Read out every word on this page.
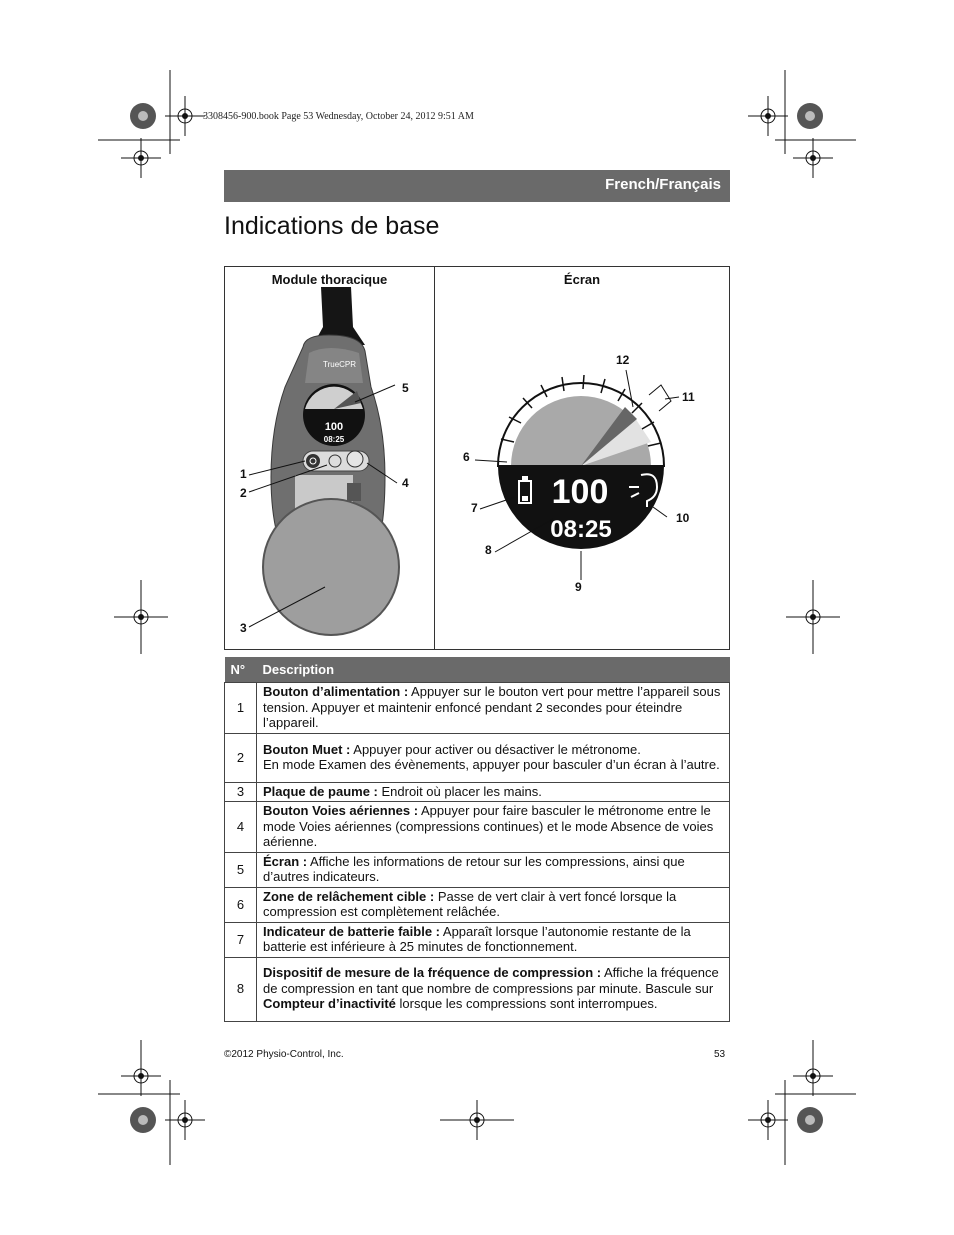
3308456-900.book Page 53 Wednesday, October 24, 2012 9:51 AM
French/Français
Indications de base
Module thoracique	Écran
TrueCPR
100
08:25
5
1
4
2
3
100
08:25
12
11
6
7
10
8
9
N°	Description
1	Bouton d’alimentation : Appuyer sur le bouton vert pour mettre l’appareil sous tension. Appuyer et maintenir enfoncé pendant 2 secondes pour éteindre l’appareil.
2	Bouton Muet : Appuyer pour activer ou désactiver le métronome.
En mode Examen des évènements, appuyer pour basculer d’un écran à l’autre.
3	Plaque de paume : Endroit où placer les mains.
4	Bouton Voies aériennes : Appuyer pour faire basculer le métronome entre le mode Voies aériennes (compressions continues) et le mode Absence de voies aérienne.
5	Écran : Affiche les informations de retour sur les compressions, ainsi que d’autres indicateurs.
6	Zone de relâchement cible : Passe de vert clair à vert foncé lorsque la compression est complètement relâchée.
7	Indicateur de batterie faible : Apparaît lorsque l’autonomie restante de la batterie est inférieure à 25 minutes de fonctionnement.
8	Dispositif de mesure de la fréquence de compression : Affiche la fréquence de compression en tant que nombre de compressions par minute. Bascule sur Compteur d’inactivité lorsque les compressions sont interrompues.
©2012 Physio-Control, Inc.	53
